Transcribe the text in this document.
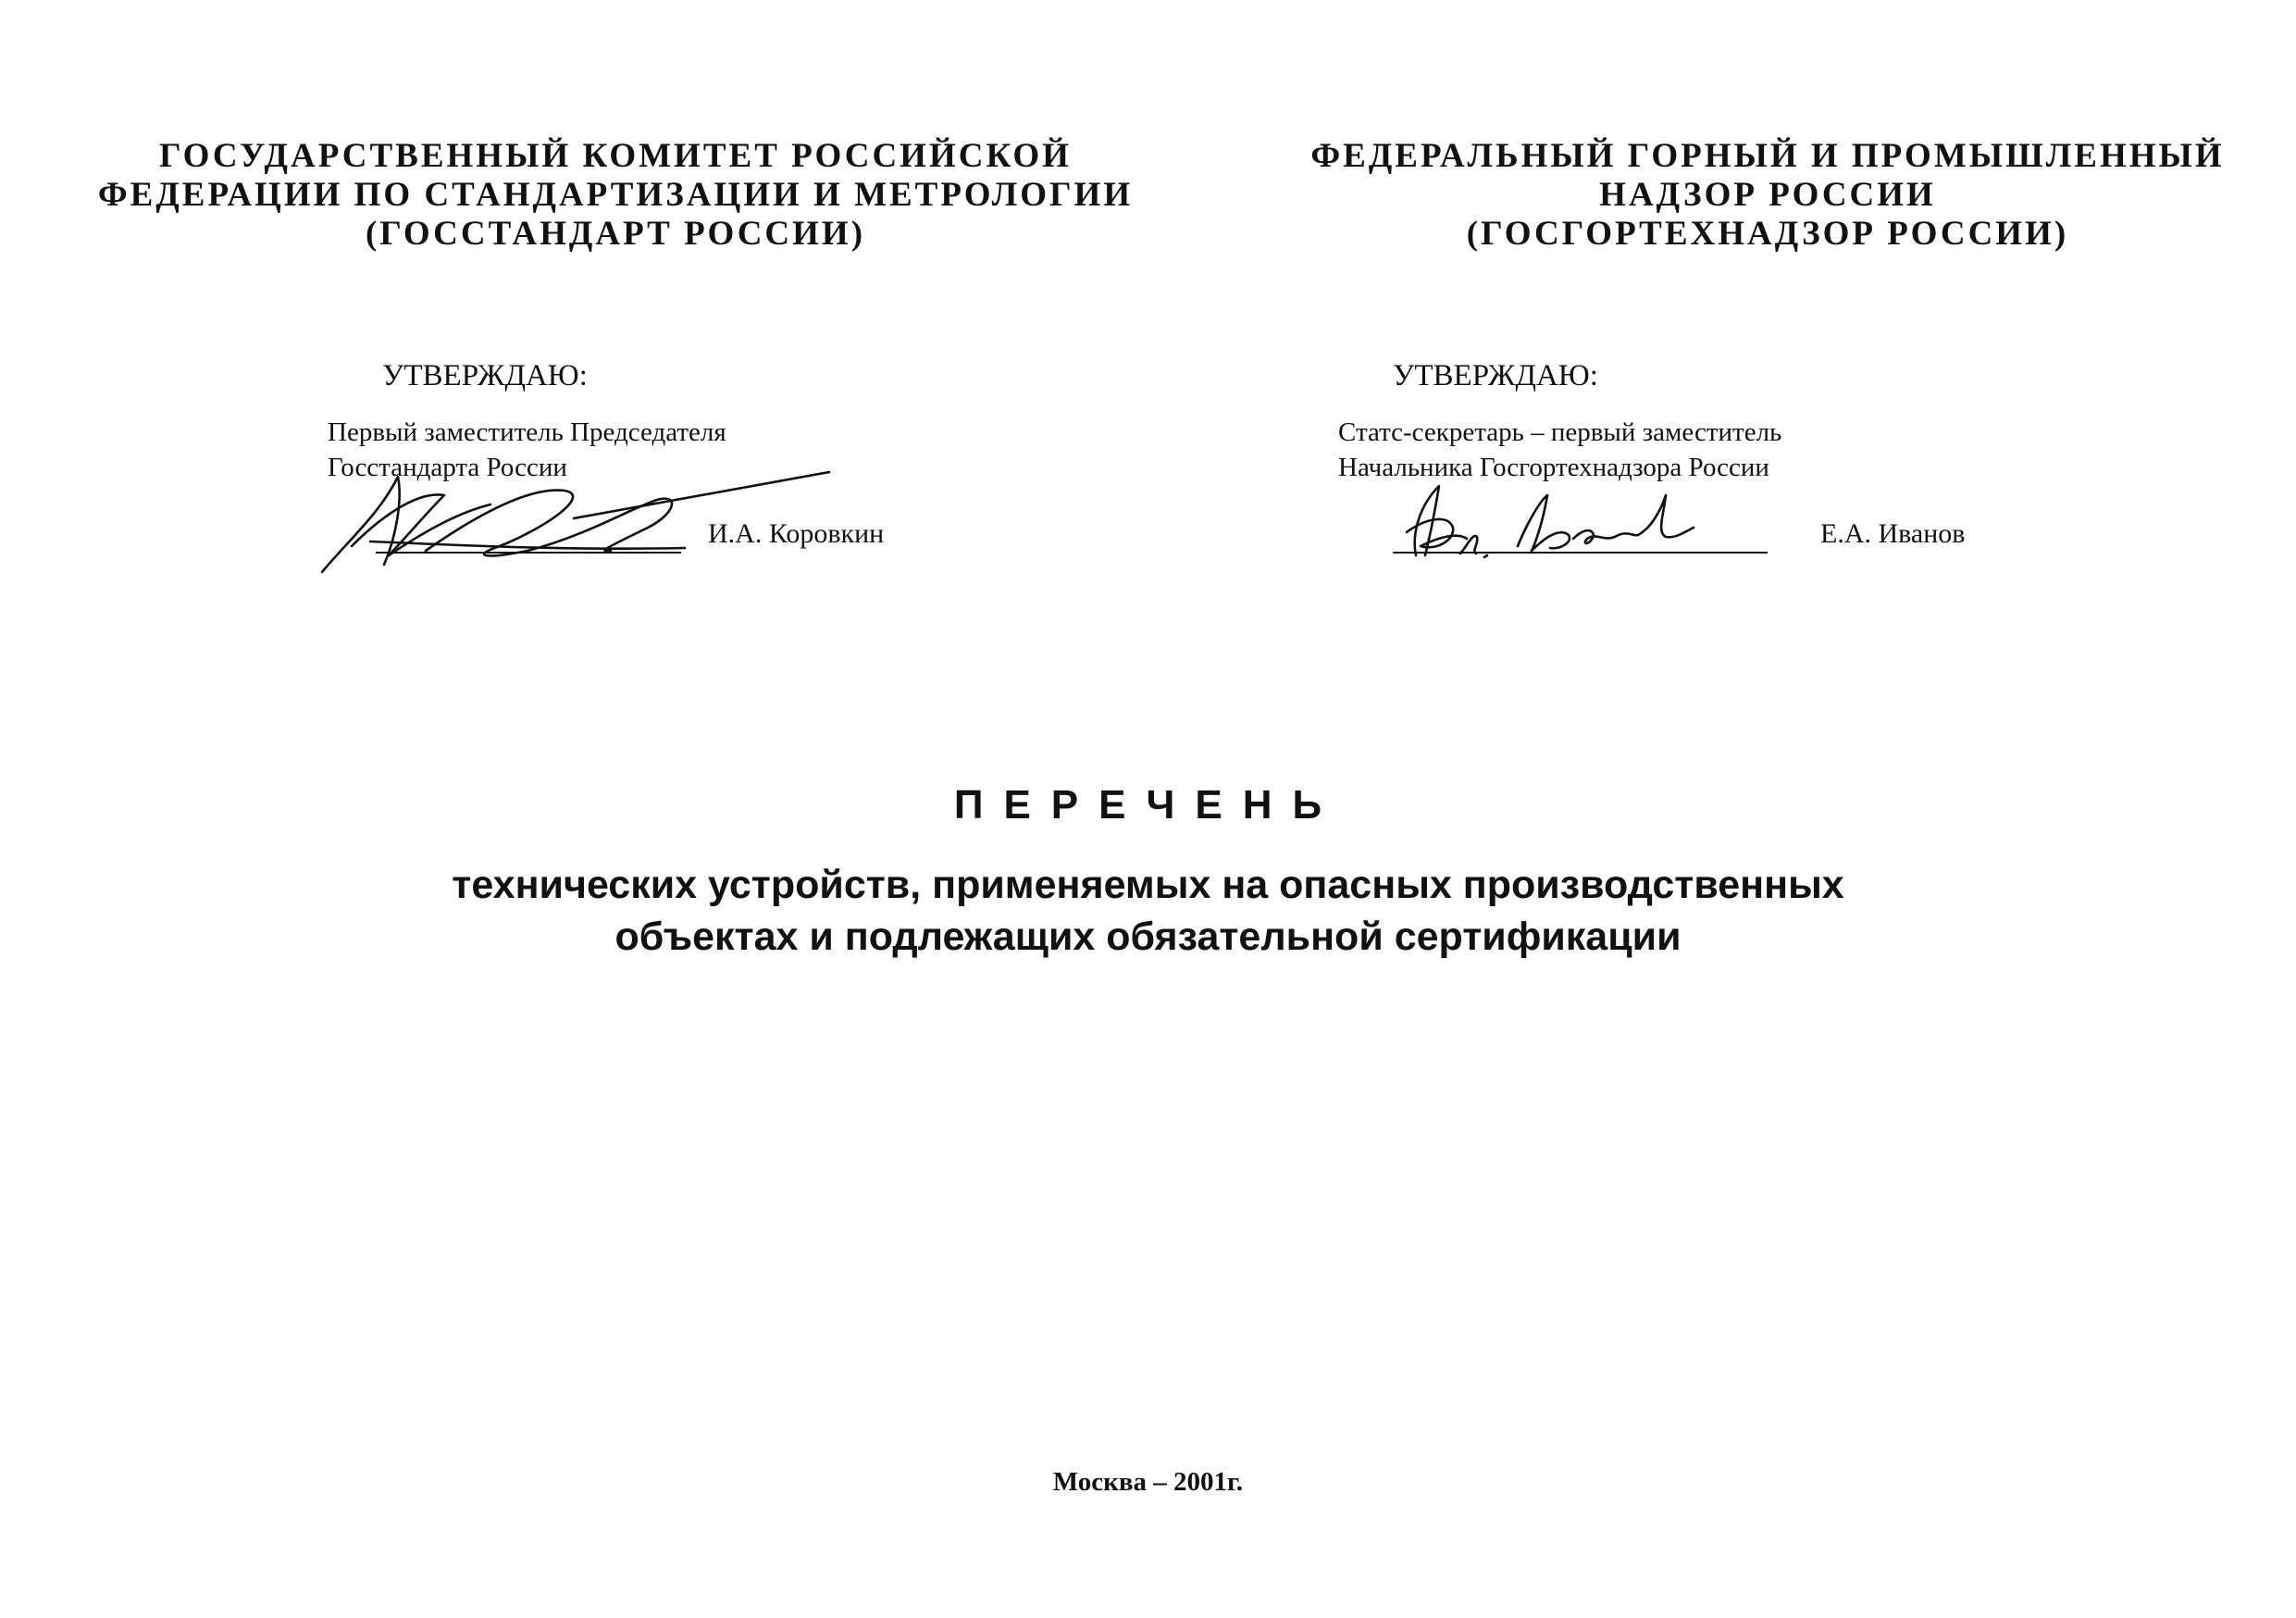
ГОСУДАРСТВЕННЫЙ КОМИТЕТ РОССИЙСКОЙ
ФЕДЕРАЦИИ ПО СТАНДАРТИЗАЦИИ И МЕТРОЛОГИИ
(ГОССТАНДАРТ РОССИИ)
ФЕДЕРАЛЬНЫЙ ГОРНЫЙ И ПРОМЫШЛЕННЫЙ
НАДЗОР РОССИИ
(ГОСГОРТЕХНАДЗОР РОССИИ)
УТВЕРЖДАЮ:	УТВЕРЖДАЮ:
Первый заместитель Председателя
Госстандарта России
Статс-секретарь – первый заместитель
Начальника Госгортехнадзора России
И.А. Коровкин	Е.А. Иванов
ПЕРЕЧЕНЬ
технических устройств, применяемых на опасных производственных
объектах и подлежащих обязательной сертификации
Москва – 2001г.
